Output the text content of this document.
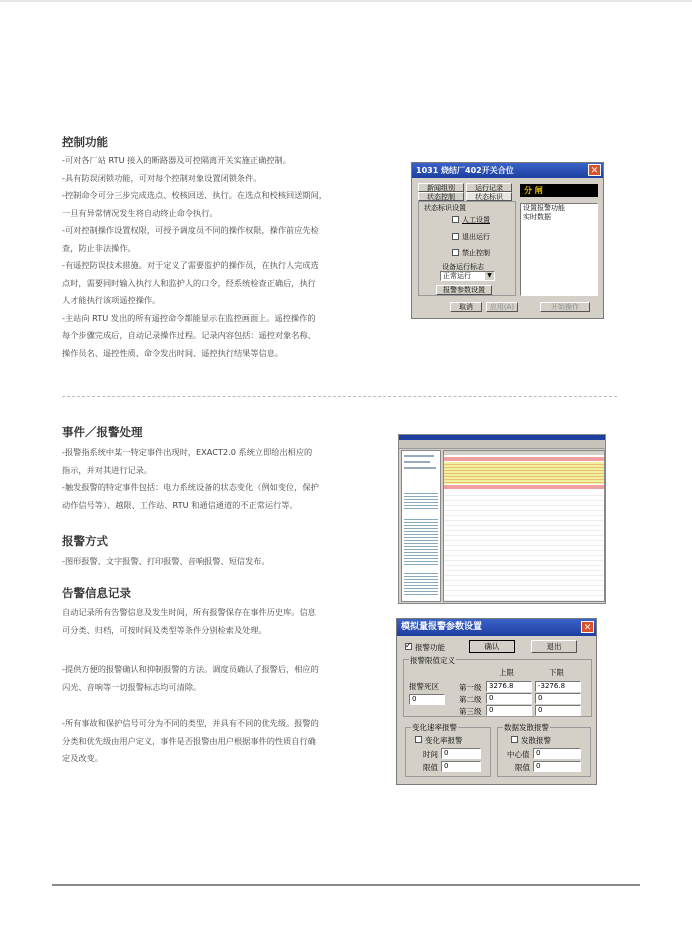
控制功能
-可对各厂站 RTU 接入的断路器及可控隔离开关实施正确控制。
-具有防误闭锁功能，可对每个控制对象设置闭锁条件。
-控制命令可分三步完成选点、校核回送、执行。在选点和校核回送期间，
一旦有异常情况发生将自动终止命令执行。
-可对控制操作设置权限，可授予调度员不同的操作权限，操作前应先检
查，防止非法操作。
-有遥控防误技术措施。对于定义了需要监护的操作员，在执行人完成选
点时，需要同时输入执行人和监护人的口令，经系统检查正确后，执行
人才能执行该项遥控操作。
-主站向 RTU 发出的所有遥控命令都能显示在监控画面上。遥控操作的
每个步骤完成后，自动记录操作过程。记录内容包括：遥控对象名称、
操作员名、遥控性质、命令发出时间、遥控执行结果等信息。
1031 烧结厂402开关合位	✕
新闻组别	运行记录
状态控制	状态标识
状态标识设置
人工设置
退出运行
禁止控制
设备运行标志
正常运行	▼
报警参数设置
分 闸
设置报警功能
实时数据
取消	应用(A)	开始操作
事件／报警处理
-报警指系统中某一特定事件出现时，EXACT2.0 系统立即给出相应的
指示，并对其进行记录。
-触发报警的特定事件包括：电力系统设备的状态变化（例如变位，保护
动作信号等）、越限、工作站、RTU 和通信通道的不正常运行等。
报警方式
-图形报警、文字报警、打印报警、音响报警、短信发布。
告警信息记录
自动记录所有告警信息及发生时间，所有报警保存在事件历史库。信息
可分类、归档，可按时间及类型等条件分别检索及处理。
-提供方便的报警确认和抑制报警的方法。调度员确认了报警后，相应的
闪光、音响等一切报警标志均可清除。
-所有事故和保护信号可分为不同的类型，并具有不同的优先级。报警的
分类和优先级由用户定义，事件是否报警由用户根据事件的性质自行确
定及改变。
模拟量报警参数设置	✕
✓ 报警功能	确认	退出
报警限值定义
上限	下限
报警死区
0
第一级	3276.8	-3276.8
第二级	0	0
第三级	0	0
变化速率报警
变化率报警
时间 0
限值 0
数据发散报警
发散报警
中心值 0
限值 0
